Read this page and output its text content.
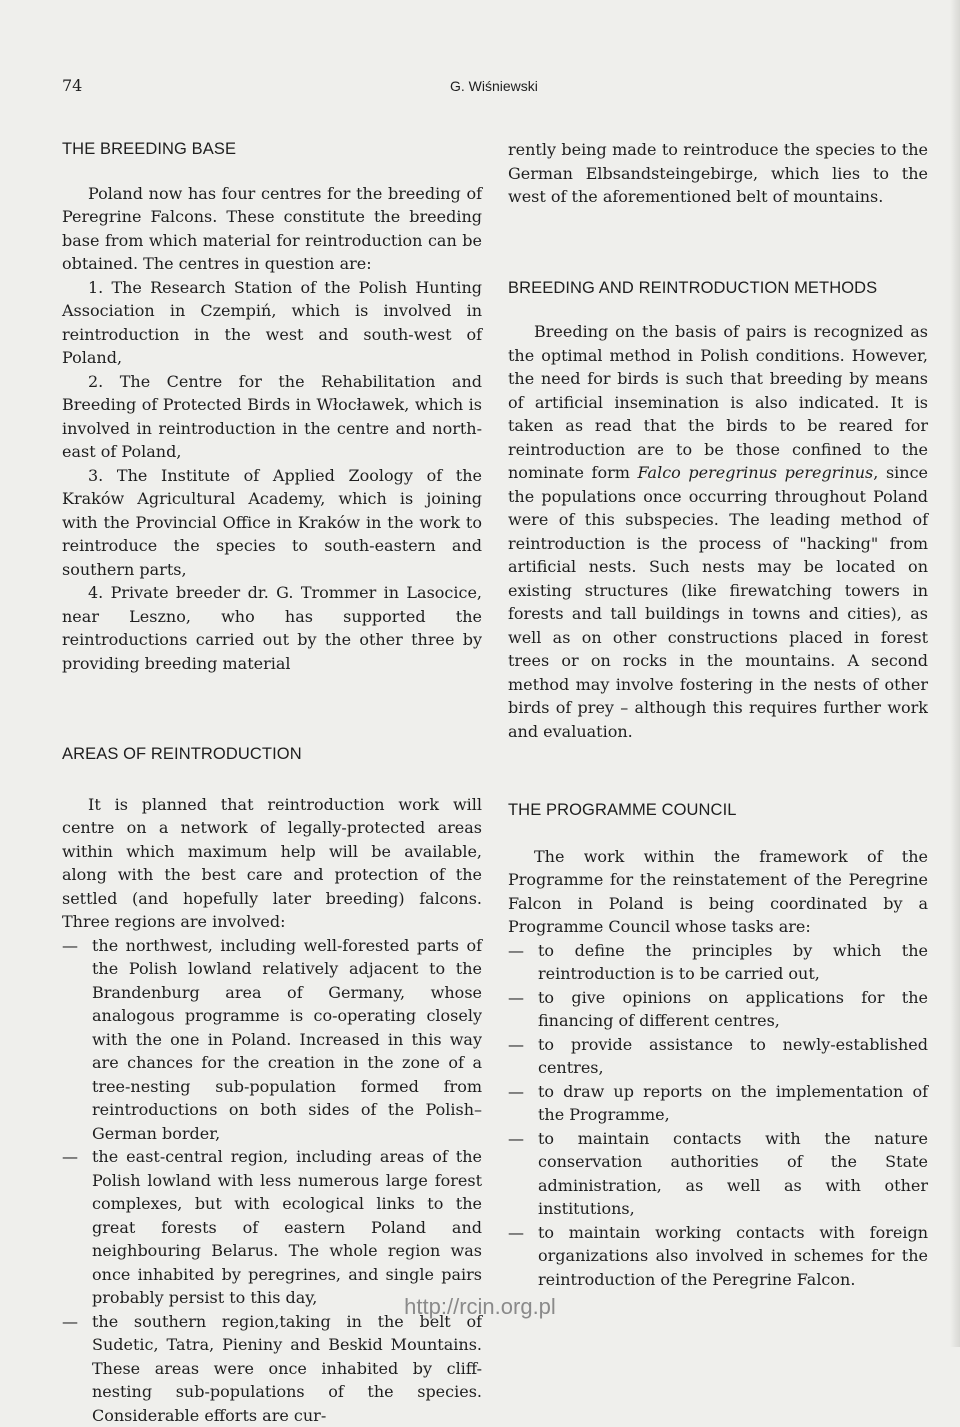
74	G. Wiśniewski
THE BREEDING BASE

Poland now has four centres for the breeding of Peregrine Falcons. These constitute the breeding base from which material for reintroduction can be obtained. The centres in question are:

1. The Research Station of the Polish Hunting Association in Czempiń, which is involved in reintroduction in the west and south-west of Poland,

2. The Centre for the Rehabilitation and Breeding of Protected Birds in Włocławek, which is involved in reintroduction in the centre and north-east of Poland,

3. The Institute of Applied Zoology of the Kraków Agricultural Academy, which is joining with the Provincial Office in Kraków in the work to reintroduce the species to south-eastern and southern parts,

4. Private breeder dr. G. Trommer in Lasocice, near Leszno, who has supported the reintroductions carried out by the other three by providing breeding material

AREAS OF REINTRODUCTION

It is planned that reintroduction work will centre on a network of legally-protected areas within which maximum help will be available, along with the best care and protection of the settled (and hopefully later breeding) falcons. Three regions are involved:

— the northwest, including well-forested parts of the Polish lowland relatively adjacent to the Brandenburg area of Germany, whose analogous programme is co-operating closely with the one in Poland. Increased in this way are chances for the creation in the zone of a tree-nesting sub-population formed from reintroductions on both sides of the Polish–German border,
— the east-central region, including areas of the Polish lowland with less numerous large forest complexes, but with ecological links to the great forests of eastern Poland and neighbouring Belarus. The whole region was once inhabited by peregrines, and single pairs probably persist to this day,
— the southern region,taking in the belt of Sudetic, Tatra, Pieniny and Beskid Mountains. These areas were once inhabited by cliff-nesting sub-populations of the species. Considerable efforts are cur-

rently being made to reintroduce the species to the German Elbsandsteingebirge, which lies to the west of the aforementioned belt of mountains.

BREEDING AND REINTRODUCTION METHODS

Breeding on the basis of pairs is recognized as the optimal method in Polish conditions. However, the need for birds is such that breeding by means of artificial insemination is also indicated. It is taken as read that the birds to be reared for reintroduction are to be those confined to the nominate form Falco peregrinus peregrinus, since the populations once occurring throughout Poland were of this subspecies. The leading method of reintroduction is the process of "hacking" from artificial nests. Such nests may be located on existing structures (like firewatching towers in forests and tall buildings in towns and cities), as well as on other constructions placed in forest trees or on rocks in the mountains. A second method may involve fostering in the nests of other birds of prey – although this requires further work and evaluation.

THE PROGRAMME COUNCIL

The work within the framework of the Programme for the reinstatement of the Peregrine Falcon in Poland is being coordinated by a Programme Council whose tasks are:

— to define the principles by which the reintroduction is to be carried out,
— to give opinions on applications for the financing of different centres,
— to provide assistance to newly-established centres,
— to draw up reports on the implementation of the Programme,
— to maintain contacts with the nature conservation authorities of the State administration, as well as with other institutions,
— to maintain working contacts with foreign organizations also involved in schemes for the reintroduction of the Peregrine Falcon.
http://rcin.org.pl
